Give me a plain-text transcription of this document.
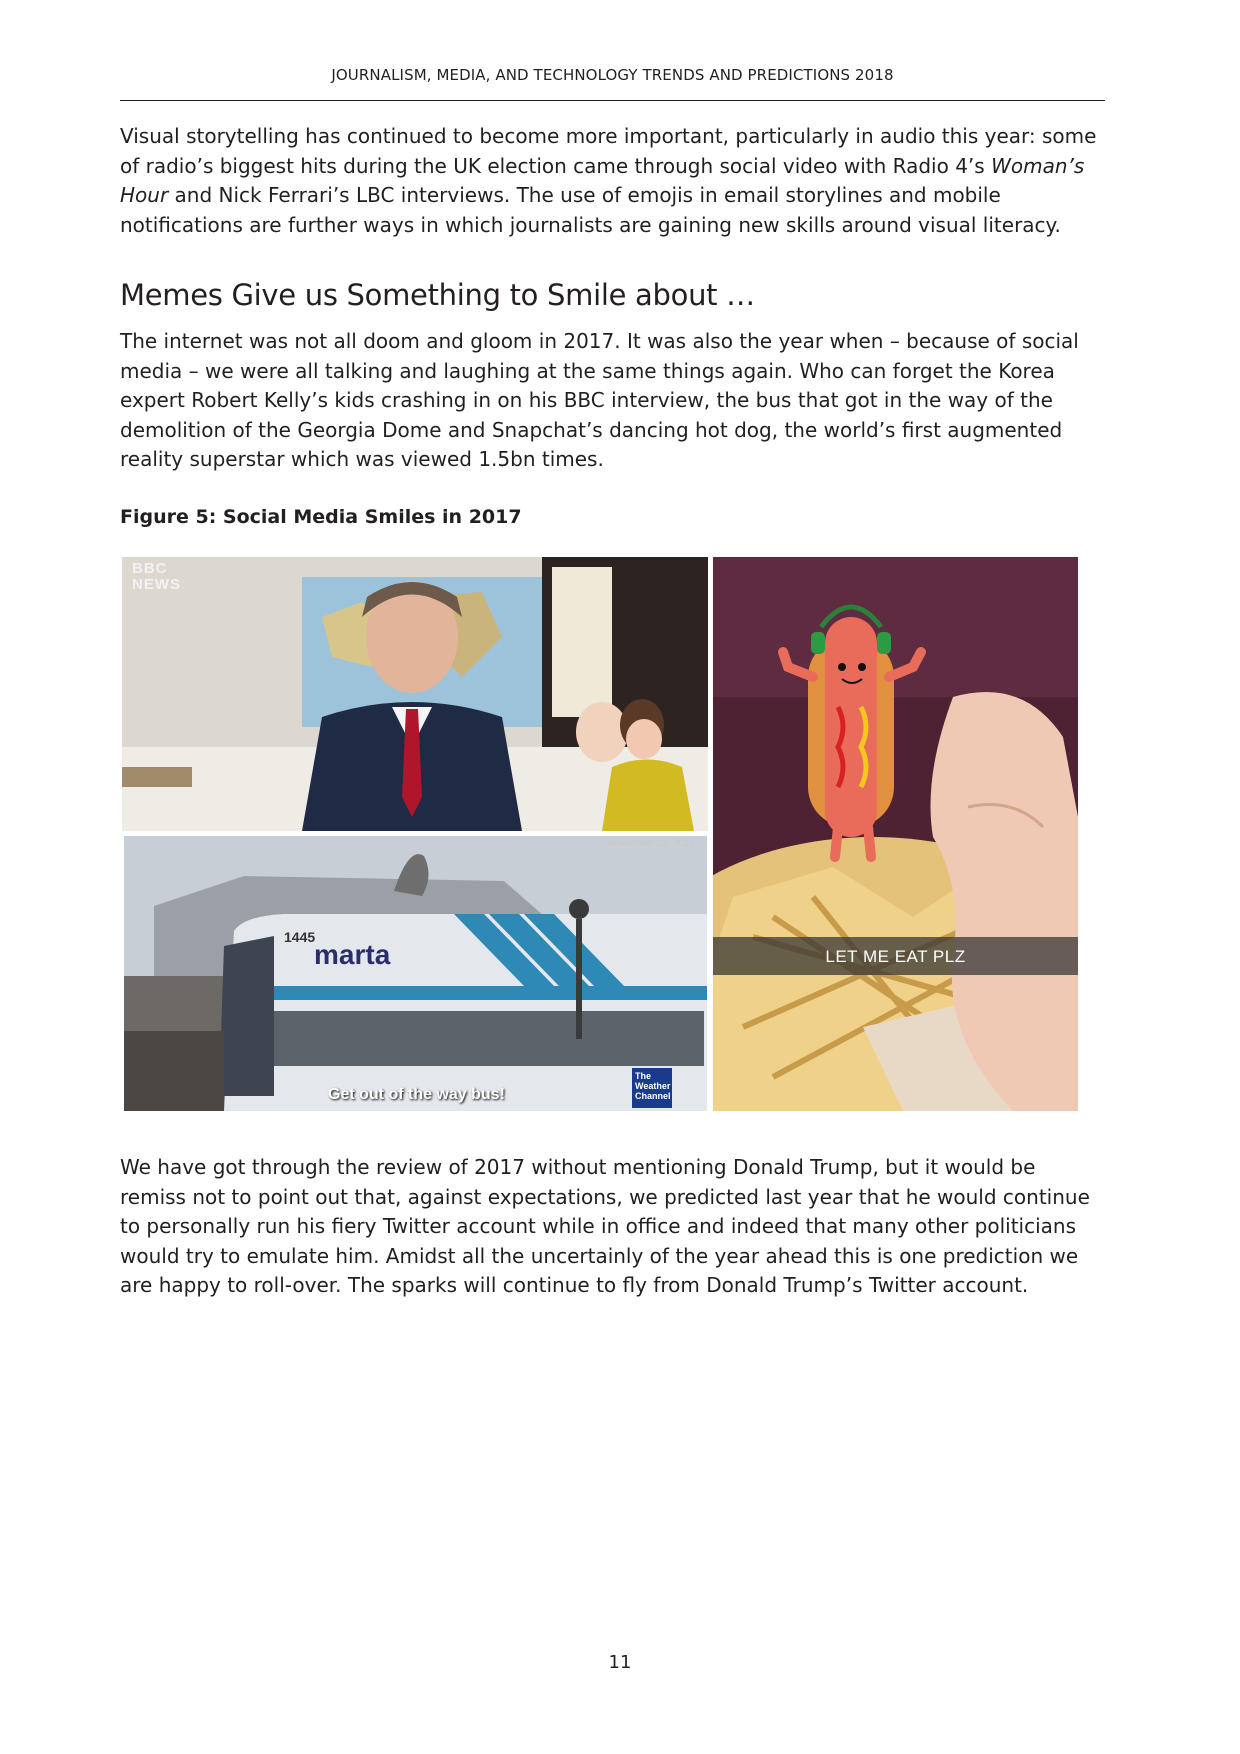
JOURNALISM, MEDIA, AND TECHNOLOGY TRENDS AND PREDICTIONS 2018

Visual storytelling has continued to become more important, particularly in audio this year: some of radio’s biggest hits during the UK election came through social video with Radio 4’s Woman’s Hour and Nick Ferrari’s LBC interviews. The use of emojis in email storylines and mobile notifications are further ways in which journalists are gaining new skills around visual literacy.

Memes Give us Something to Smile about …

The internet was not all doom and gloom in 2017. It was also the year when – because of social media – we were all talking and laughing at the same things again. Who can forget the Korea expert Robert Kelly’s kids crashing in on his BBC interview, the bus that got in the way of the demolition of the Georgia Dome and Snapchat’s dancing hot dog, the world’s first augmented reality superstar which was viewed 1.5bn times.

Figure 5: Social Media Smiles in 2017

BBC
NEWS
marta
1445
November 20, 2017
Get out of the way bus!
The
Weather
Channel
LET ME EAT PLZ

We have got through the review of 2017 without mentioning Donald Trump, but it would be remiss not to point out that, against expectations, we predicted last year that he would continue to personally run his fiery Twitter account while in office and indeed that many other politicians would try to emulate him. Amidst all the uncertainly of the year ahead this is one prediction we are happy to roll-over. The sparks will continue to fly from Donald Trump’s Twitter account.

11
